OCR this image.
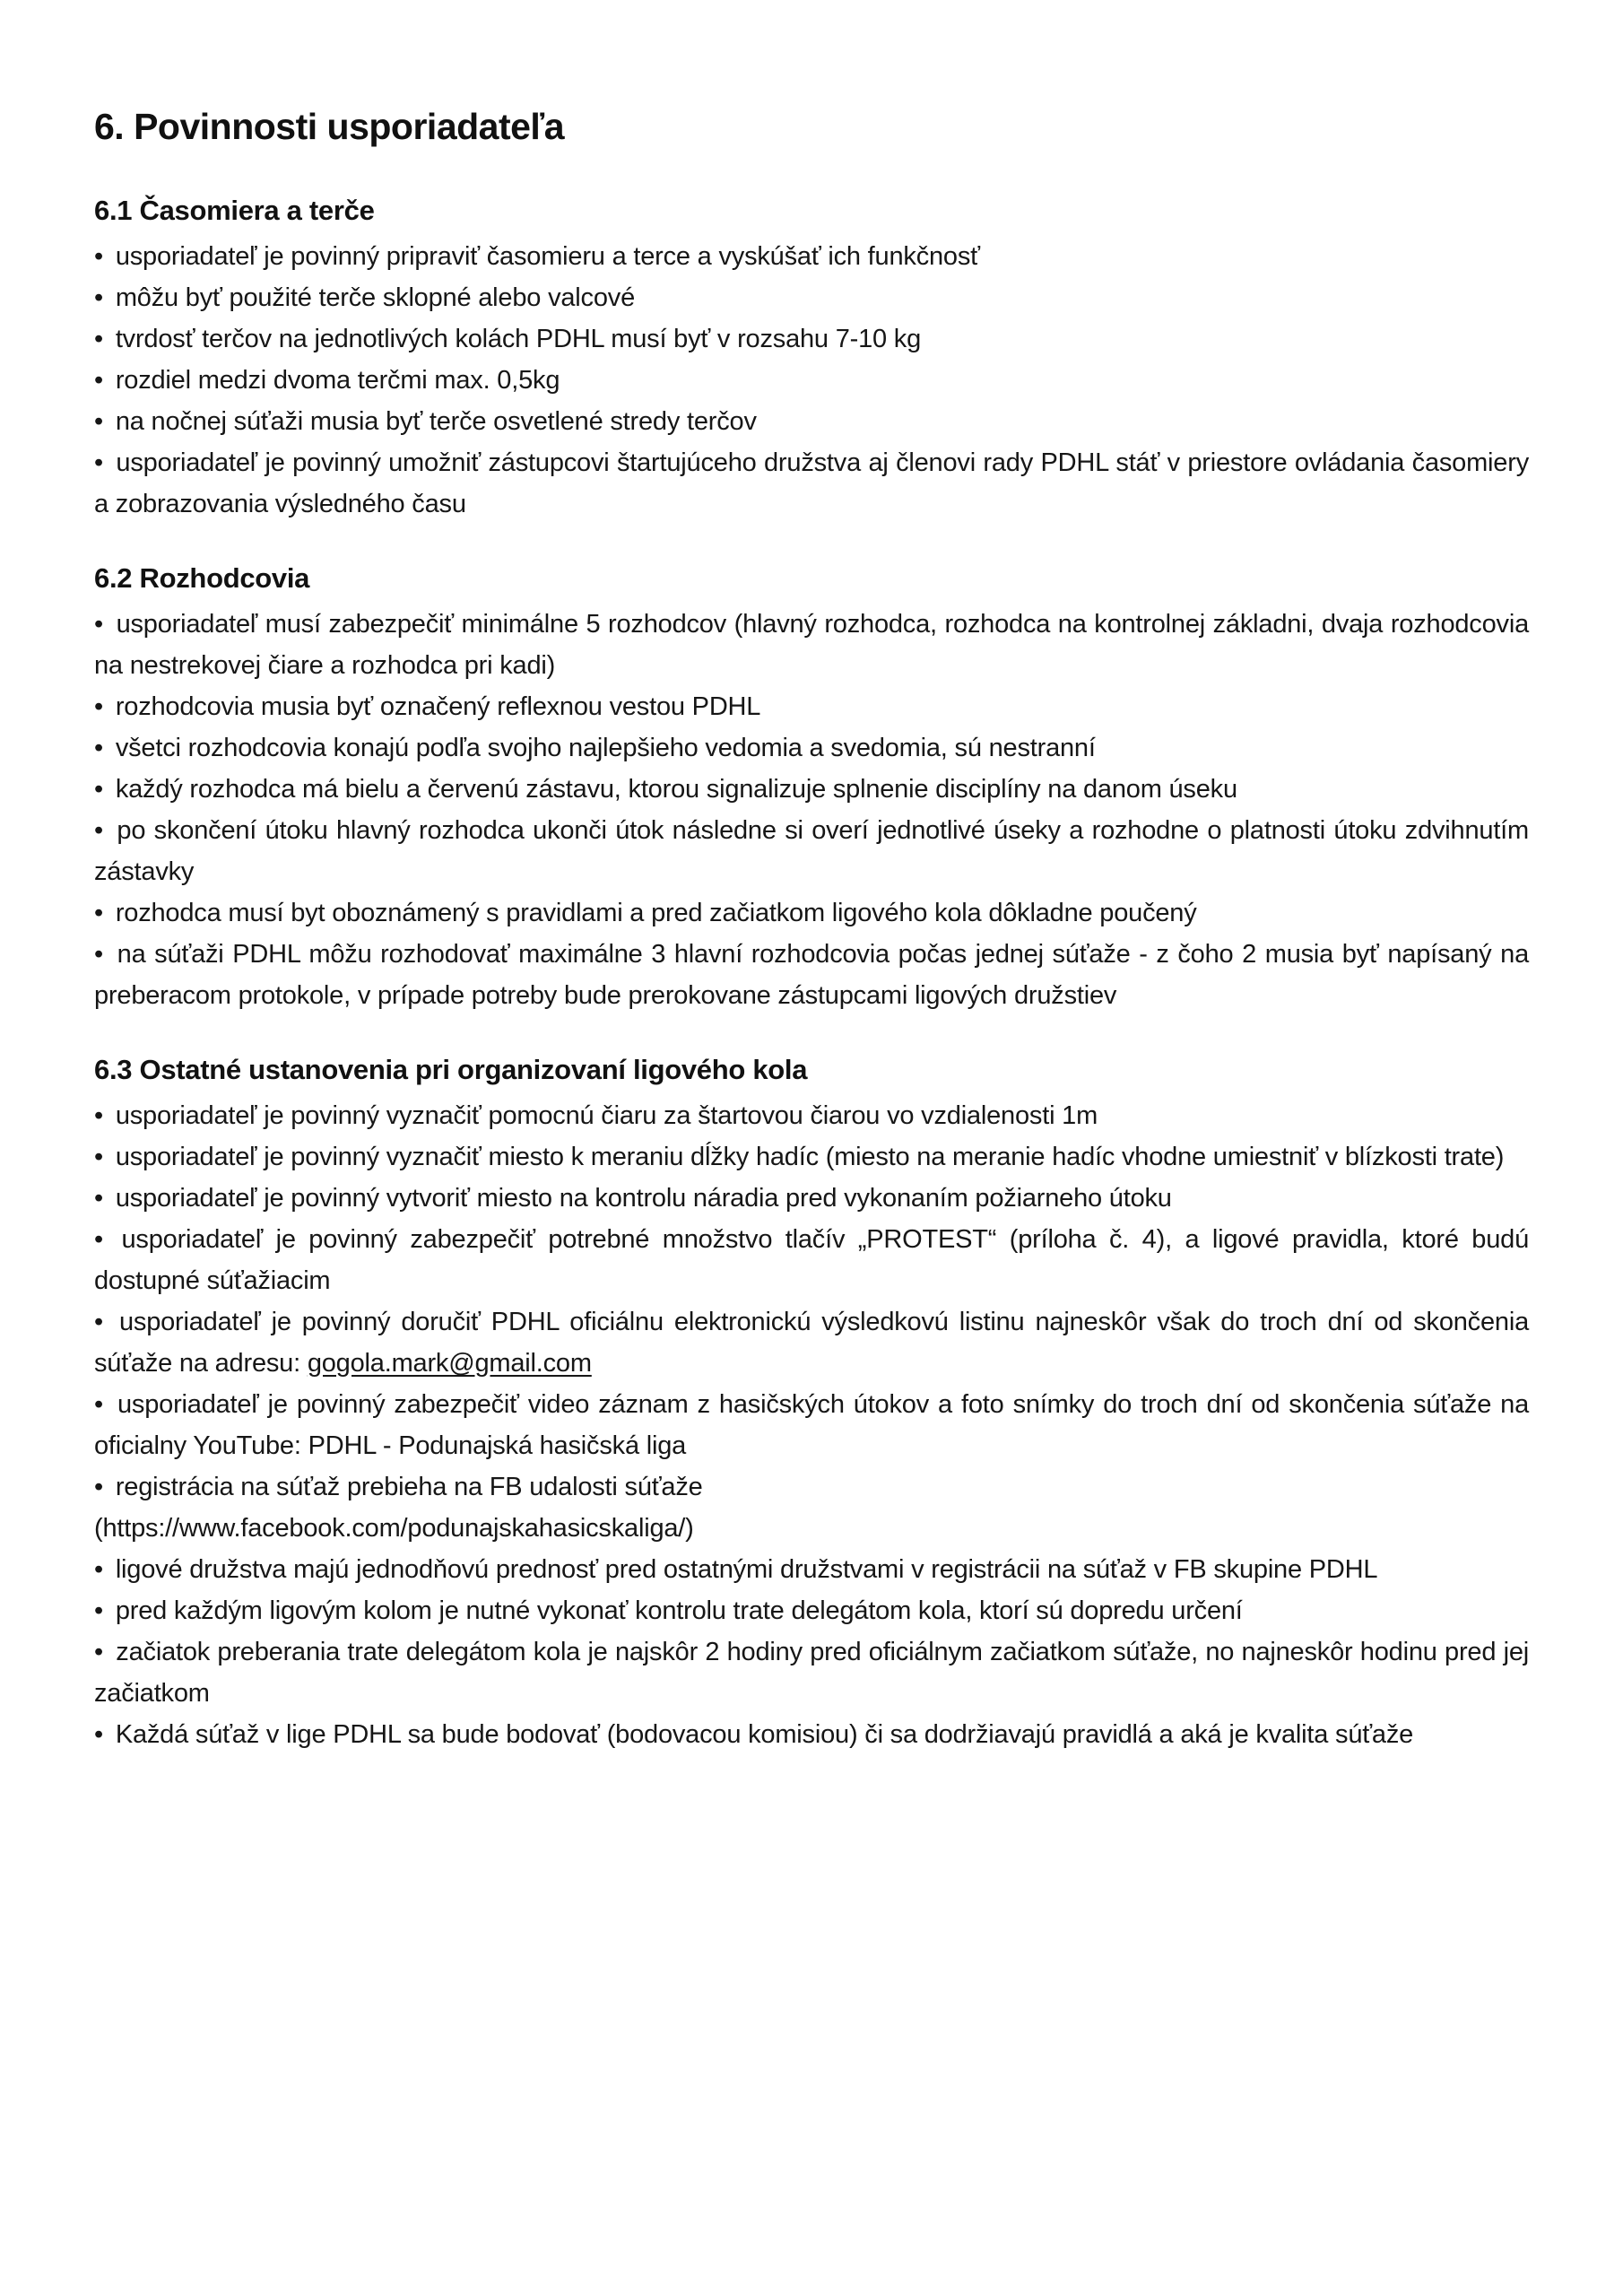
6. Povinnosti usporiadateľa
6.1 Časomiera a terče

• usporiadateľ je povinný pripraviť časomieru a terce a vyskúšať ich funkčnosť

• môžu byť použité terče sklopné alebo valcové

• tvrdosť terčov na jednotlivých kolách PDHL musí byť v rozsahu 7-10 kg

• rozdiel medzi dvoma terčmi max. 0,5kg

• na nočnej súťaži musia byť terče osvetlené stredy terčov

• usporiadateľ je povinný umožniť zástupcovi štartujúceho družstva aj členovi rady PDHL stáť v priestore ovládania časomiery a zobrazovania výsledného času

6.2 Rozhodcovia

• usporiadateľ musí zabezpečiť minimálne 5 rozhodcov (hlavný rozhodca, rozhodca na kontrolnej základni, dvaja rozhodcovia na nestrekovej čiare a rozhodca pri kadi)

• rozhodcovia musia byť označený reflexnou vestou PDHL

• všetci rozhodcovia konajú podľa svojho najlepšieho vedomia a svedomia, sú nestranní

• každý rozhodca má bielu a červenú zástavu, ktorou signalizuje splnenie disciplíny na danom úseku

• po skončení útoku hlavný rozhodca ukonči útok následne si overí jednotlivé úseky a rozhodne o platnosti útoku zdvihnutím zástavky

• rozhodca musí byt oboznámený s pravidlami a pred začiatkom ligového kola dôkladne poučený

• na súťaži PDHL môžu rozhodovať maximálne 3 hlavní rozhodcovia počas jednej súťaže - z čoho 2 musia byť napísaný na preberacom protokole, v prípade potreby bude prerokovane zástupcami ligových družstiev

6.3 Ostatné ustanovenia pri organizovaní ligového kola

• usporiadateľ je povinný vyznačiť pomocnú čiaru za štartovou čiarou vo vzdialenosti 1m

• usporiadateľ je povinný vyznačiť miesto k meraniu dĺžky hadíc (miesto na meranie hadíc vhodne umiestniť v blízkosti trate)

• usporiadateľ je povinný vytvoriť miesto na kontrolu náradia pred vykonaním požiarneho útoku

• usporiadateľ je povinný zabezpečiť potrebné množstvo tlačív „PROTEST“ (príloha č. 4), a ligové pravidla, ktoré budú dostupné súťažiacim

• usporiadateľ je povinný doručiť PDHL oficiálnu elektronickú výsledkovú listinu najneskôr však do troch dní od skončenia súťaže na adresu: gogola.mark@gmail.com

• usporiadateľ je povinný zabezpečiť video záznam z hasičských útokov a foto snímky do troch dní od skončenia súťaže na oficialny YouTube: PDHL - Podunajská hasičská liga

• registrácia na súťaž prebieha na FB udalosti súťaže
(https://www.facebook.com/podunajskahasicskaliga/)

• ligové družstva majú jednodňovú prednosť pred ostatnými družstvami v registrácii na súťaž v FB skupine PDHL

• pred každým ligovým kolom je nutné vykonať kontrolu trate delegátom kola, ktorí sú dopredu určení

• začiatok preberania trate delegátom kola je najskôr 2 hodiny pred oficiálnym začiatkom súťaže, no najneskôr hodinu pred jej začiatkom

• Každá súťaž v lige PDHL sa bude bodovať (bodovacou komisiou) či sa dodržiavajú pravidlá a aká je kvalita súťaže
